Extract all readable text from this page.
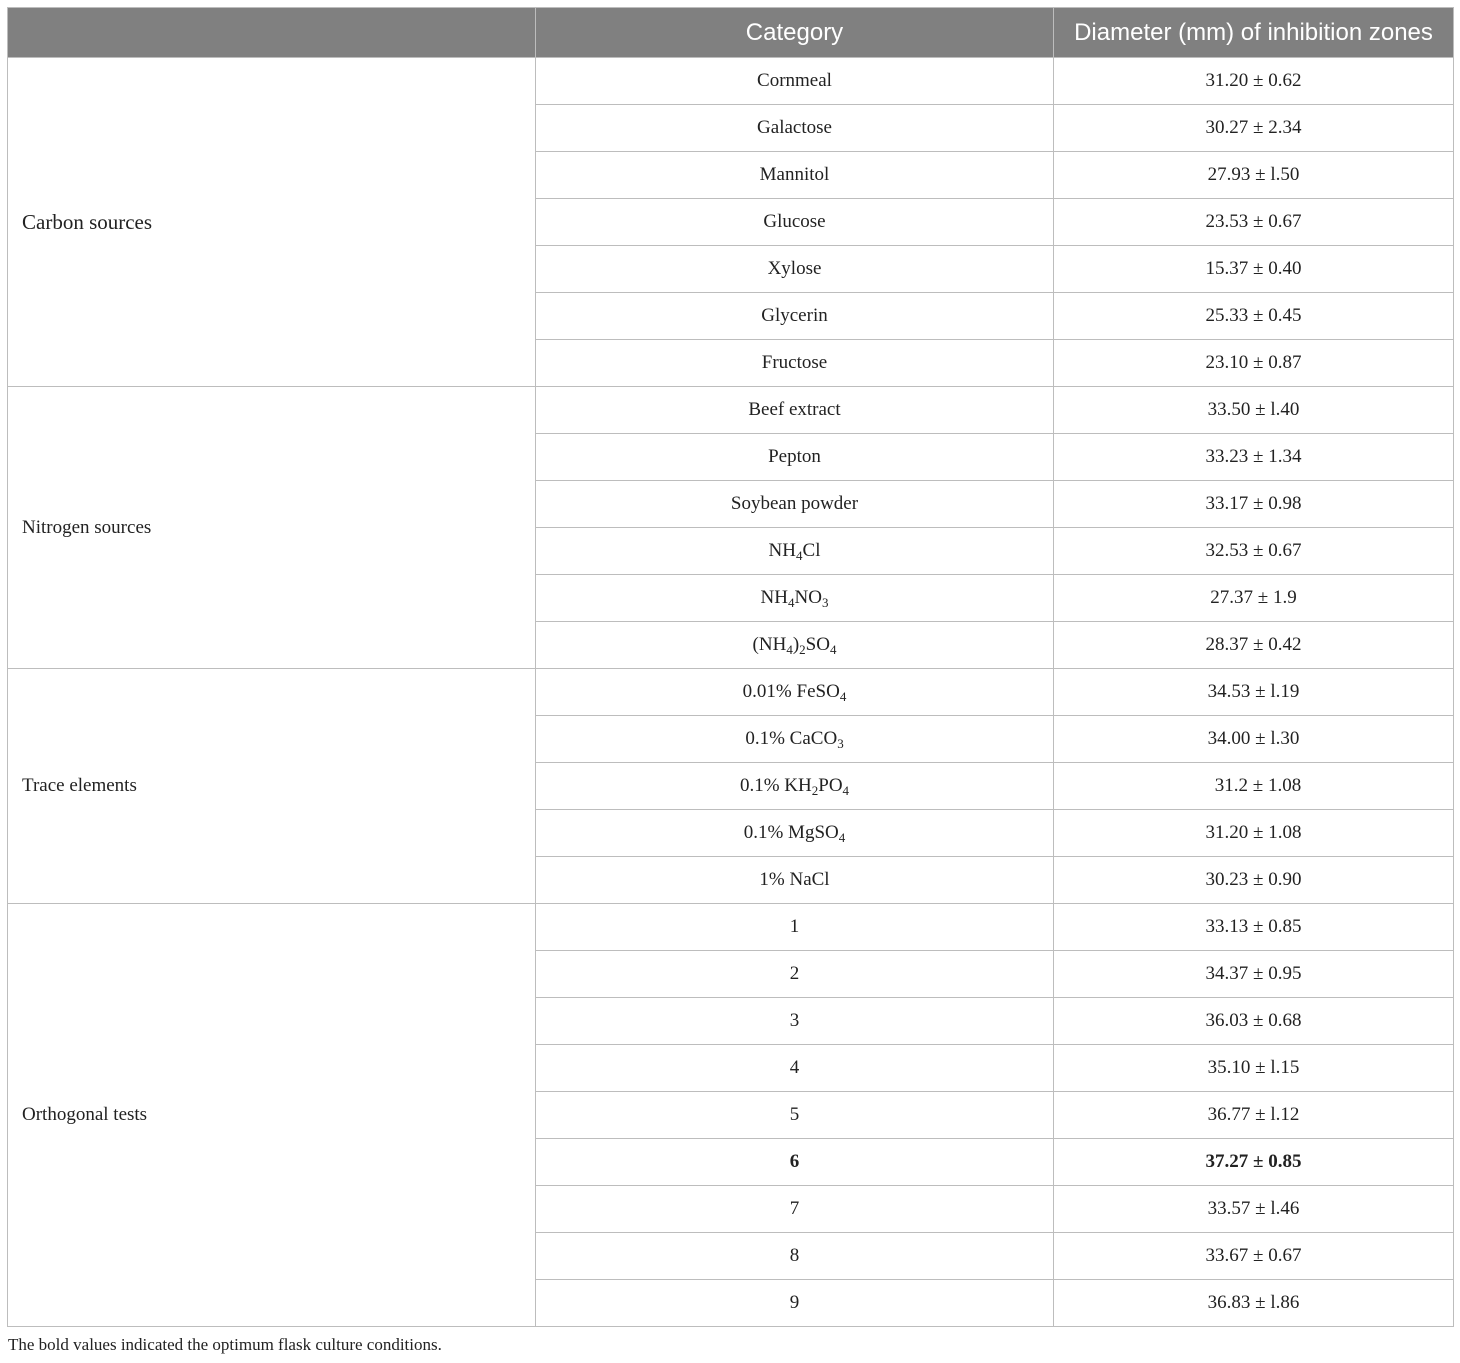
	Category	Diameter (mm) of inhibition zones
Carbon sources	Cornmeal	31.20 ± 0.62
	Galactose	30.27 ± 2.34
	Mannitol	27.93 ± l.50
	Glucose	23.53 ± 0.67
	Xylose	15.37 ± 0.40
	Glycerin	25.33 ± 0.45
	Fructose	23.10 ± 0.87
Nitrogen sources	Beef extract	33.50 ± l.40
	Pepton	33.23 ± 1.34
	Soybean powder	33.17 ± 0.98
	$NH_4Cl$	32.53 ± 0.67
	$NH_4NO_3$	27.37 ± 1.9
	$(NH_4)_2SO_4$	28.37 ± 0.42
Trace elements	0.01% FeSO$_4$	34.53 ± l.19
	0.1% CaCO$_3$	34.00 ± l.30
	0.1% $KH_2PO_4$	31.2 ± 1.08
	0.1% MgSO$_4$	31.20 ± 1.08
	1% NaCl	30.23 ± 0.90
Orthogonal tests	1	33.13 ± 0.85
	2	34.37 ± 0.95
	3	36.03 ± 0.68
	4	35.10 ± l.15
	5	36.77 ± l.12
	6	37.27 ± 0.85
	7	33.57 ± l.46
	8	33.67 ± 0.67
	9	36.83 ± l.86
The bold values indicated the optimum flask culture conditions.
